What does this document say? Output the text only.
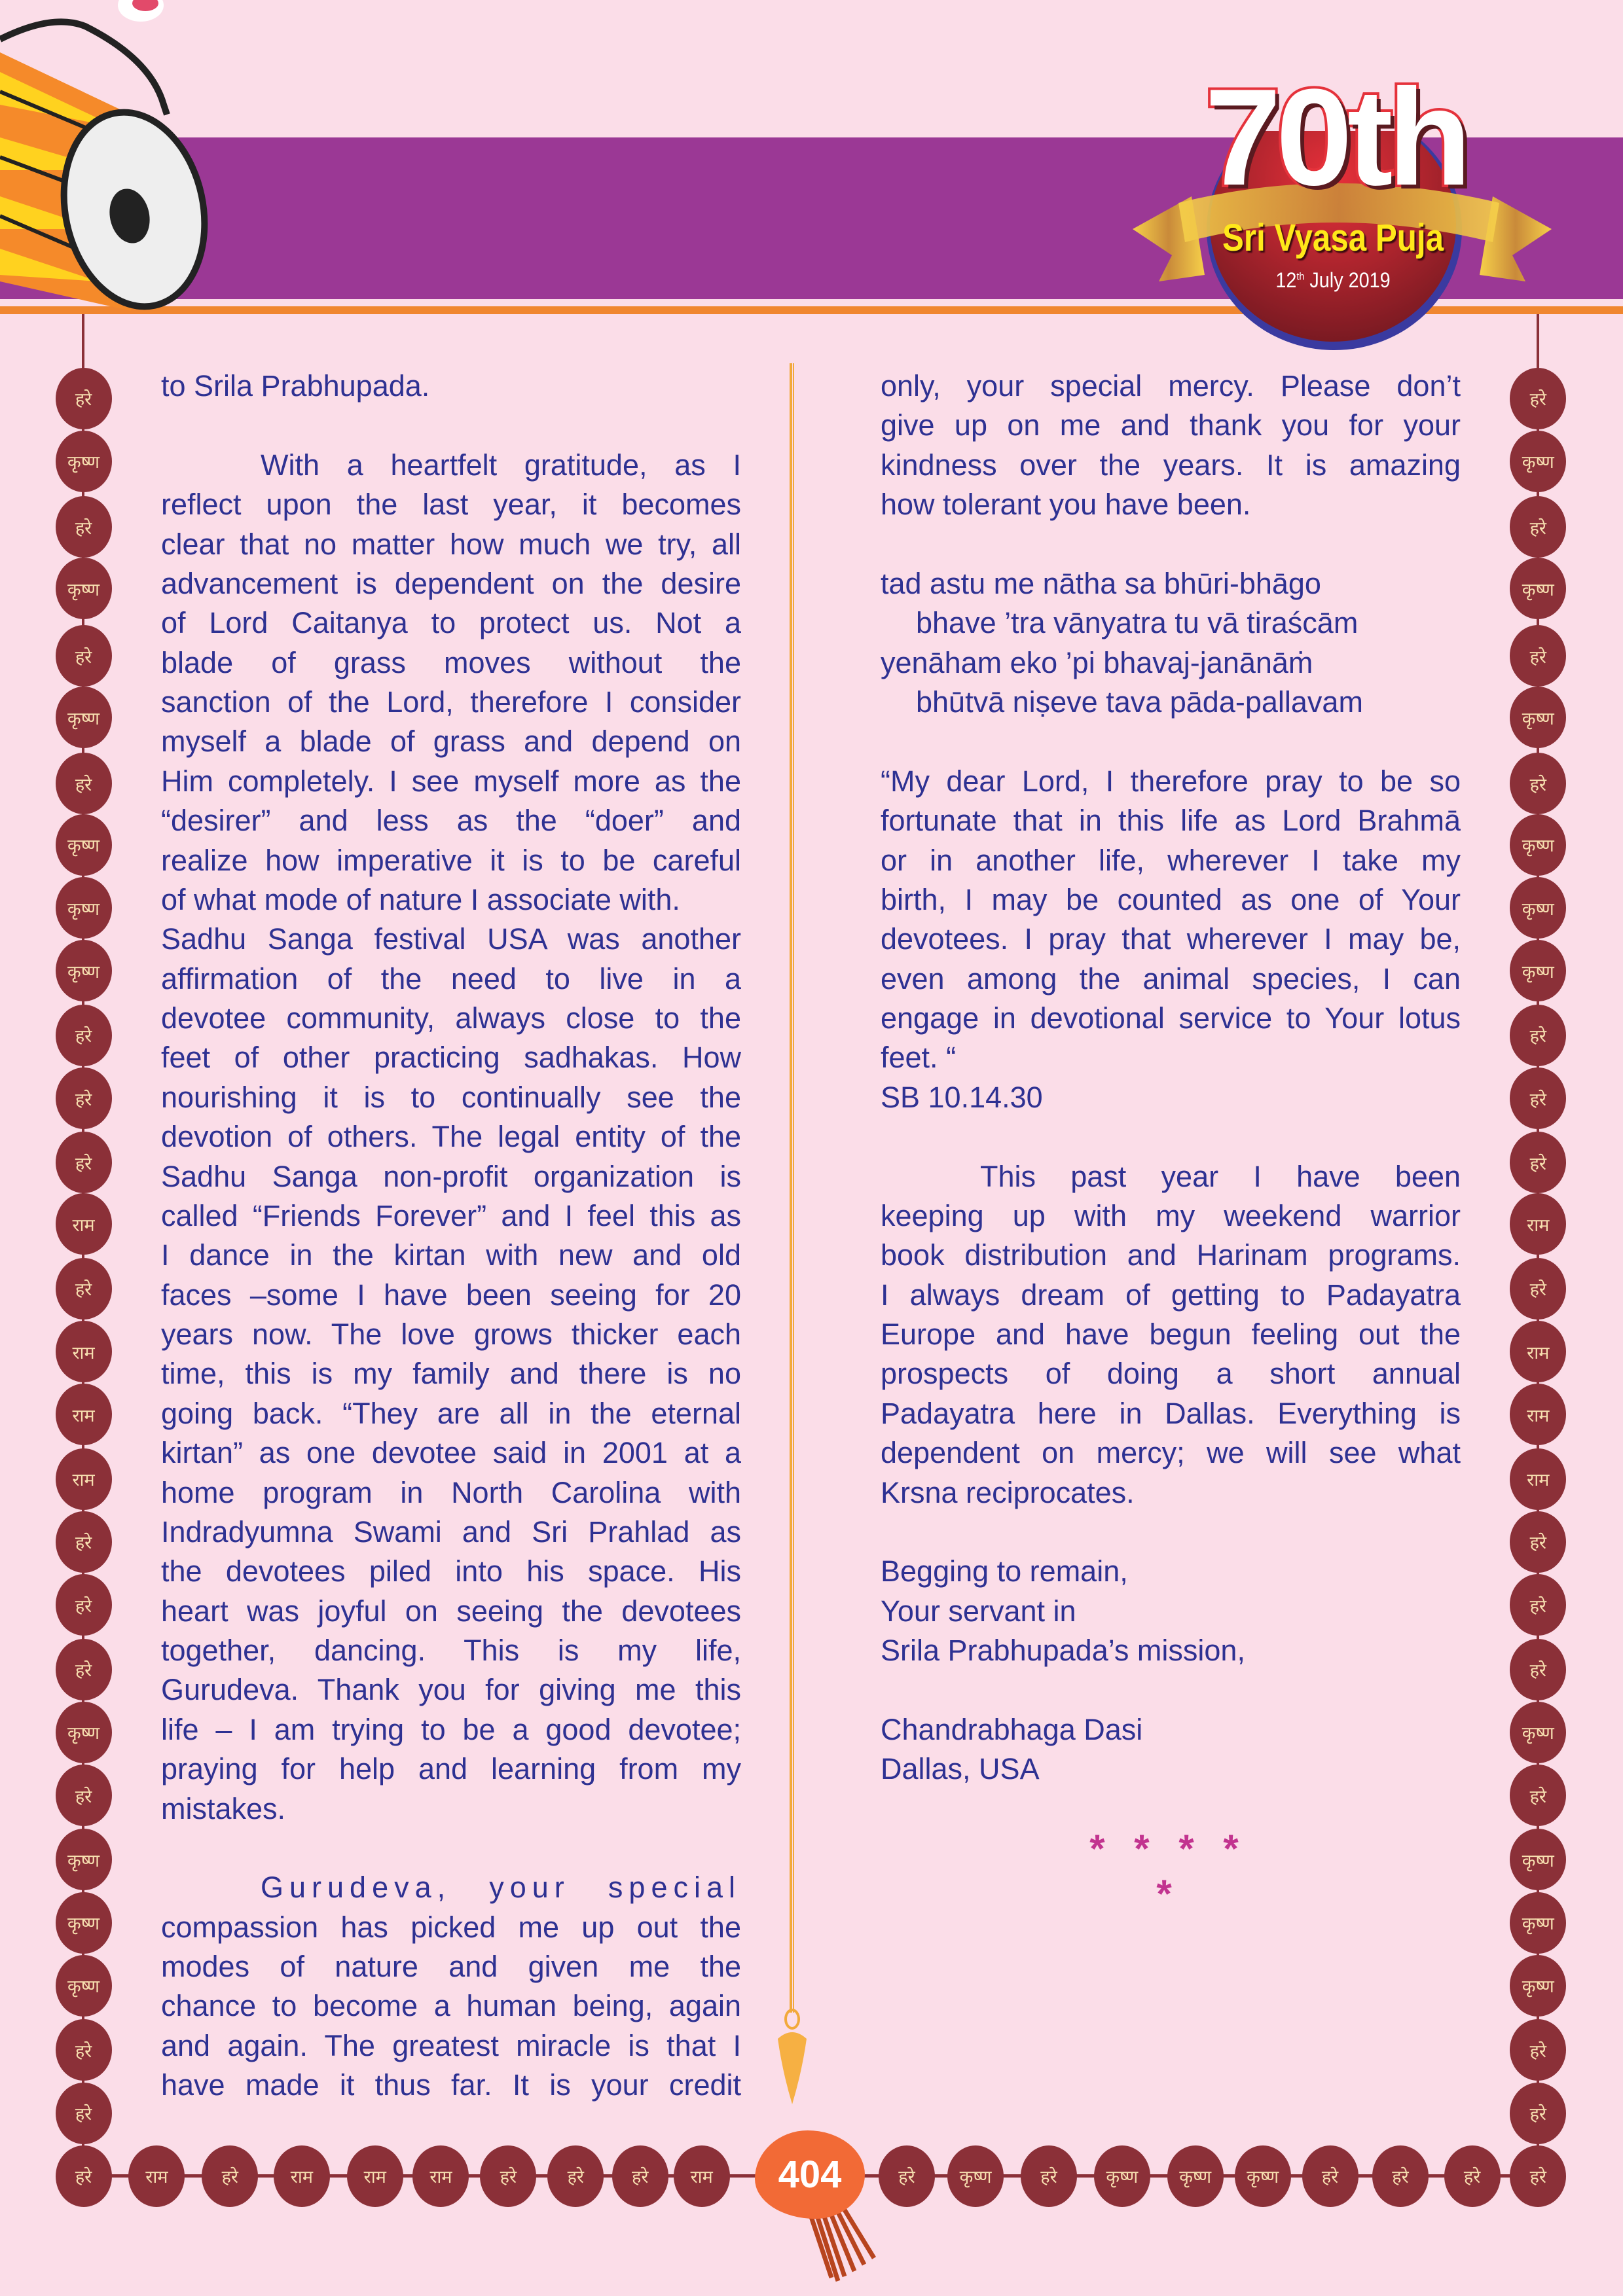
70th
Sri Vyasa Puja
12th July 2019
to Srila Prabhupada.

With a heartfelt gratitude, as I
reflect upon the last year, it becomes
clear that no matter how much we try, all
advancement is dependent on the desire
of Lord Caitanya to protect us. Not a
blade of grass moves without the
sanction of the Lord, therefore I consider
myself a blade of grass and depend on
Him completely. I see myself more as the
“desirer” and less as the “doer” and
realize how imperative it is to be careful
of what mode of nature I associate with.
Sadhu Sanga festival USA was another
affirmation of the need to live in a
devotee community, always close to the
feet of other practicing sadhakas. How
nourishing it is to continually see the
devotion of others. The legal entity of the
Sadhu Sanga non-profit organization is
called “Friends Forever” and I feel this as
I dance in the kirtan with new and old
faces –some I have been seeing for 20
years now. The love grows thicker each
time, this is my family and there is no
going back. “They are all in the eternal
kirtan” as one devotee said in 2001 at a
home program in North Carolina with
Indradyumna Swami and Sri Prahlad as
the devotees piled into his space. His
heart was joyful on seeing the devotees
together, dancing. This is my life,
Gurudeva. Thank you for giving me this
life – I am trying to be a good devotee;
praying for help and learning from my
mistakes.

Gurudeva, your special
compassion has picked me up out the
modes of nature and given me the
chance to become a human being, again
and again. The greatest miracle is that I
have made it thus far. It is your credit
only, your special mercy. Please don’t
give up on me and thank you for your
kindness over the years. It is amazing
how tolerant you have been.

tad astu me nātha sa bhūri-bhāgo
bhave ’tra vānyatra tu vā tiraścām
yenāham eko ’pi bhavaj-janānāṁ
bhūtvā niṣeve tava pāda-pallavam

“My dear Lord, I therefore pray to be so
fortunate that in this life as Lord Brahmā
or in another life, wherever I take my
birth, I may be counted as one of Your
devotees. I pray that wherever I may be,
even among the animal species, I can
engage in devotional service to Your lotus
feet. “
SB 10.14.30

This past year I have been
keeping up with my weekend warrior
book distribution and Harinam programs.
I always dream of getting to Padayatra
Europe and have begun feeling out the
prospects of doing a short annual
Padayatra here in Dallas. Everything is
dependent on mercy; we will see what
Krsna reciprocates.

Begging to remain,
Your servant in
Srila Prabhupada’s mission,

Chandrabhaga Dasi
Dallas, USA
* * * * *
हरे	हरे
कृष्ण	कृष्ण
हरे	हरे
कृष्ण	कृष्ण
हरे	हरे
कृष्ण	कृष्ण
हरे	हरे
कृष्ण	कृष्ण
कृष्ण	कृष्ण
कृष्ण	कृष्ण
हरे	हरे
हरे	हरे
हरे	हरे
राम	राम
हरे	हरे
राम	राम
राम	राम
राम	राम
हरे	हरे
हरे	हरे
हरे	हरे
कृष्ण	कृष्ण
हरे	हरे
कृष्ण	कृष्ण
कृष्ण	कृष्ण
कृष्ण	कृष्ण
हरे	हरे
हरे	हरे
हरे	राम	हरे	राम	राम	राम	हरे	हरे	हरे	राम	हरे	कृष्ण	हरे	कृष्ण	कृष्ण	कृष्ण	हरे	हरे	हरे	हरे
404
